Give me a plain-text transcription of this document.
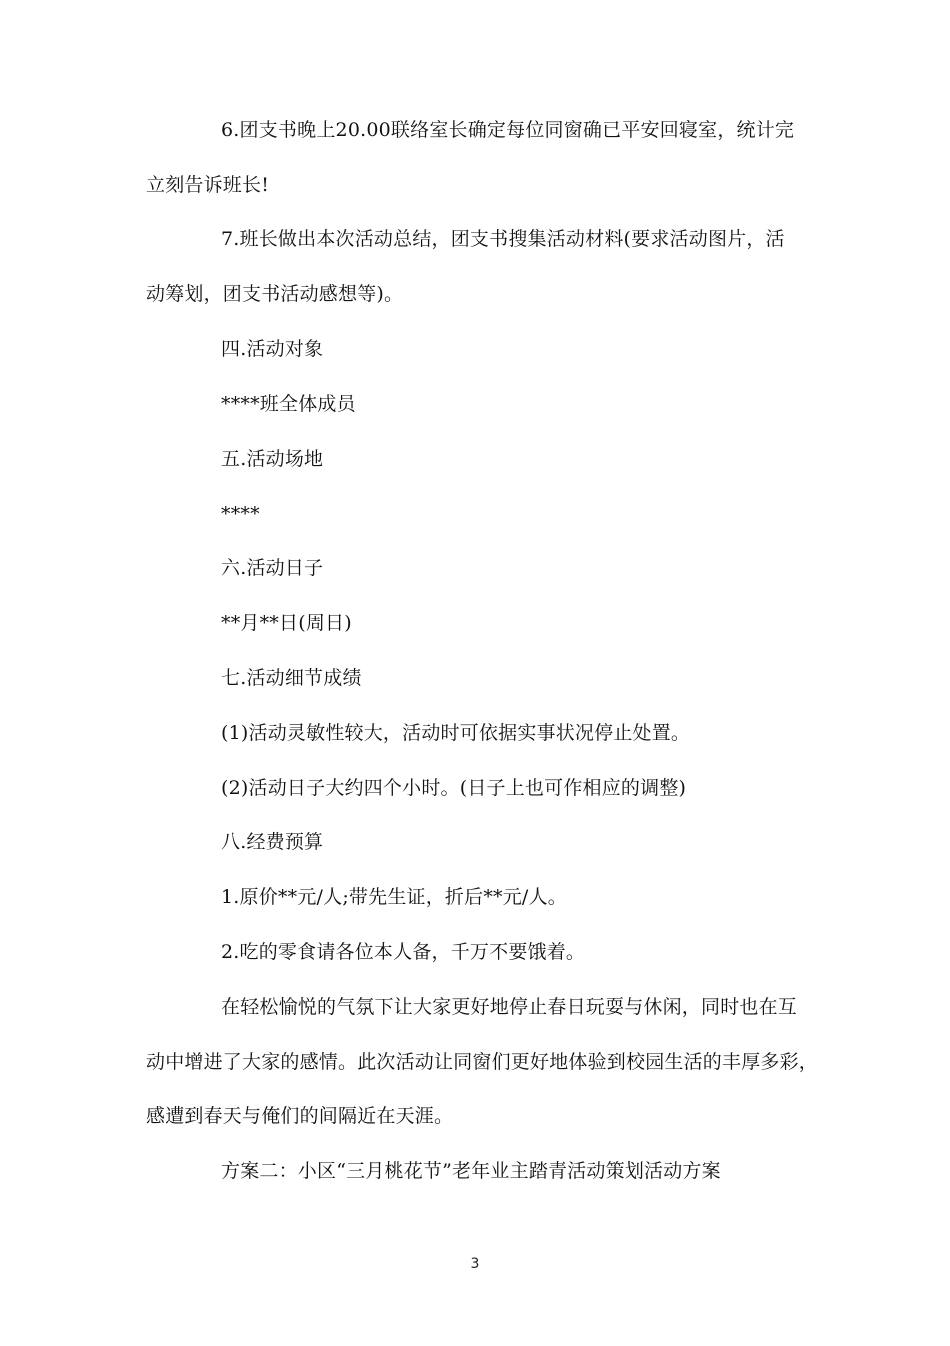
6.团支书晚上20.00联络室长确定每位同窗确已平安回寝室，统计完

立刻告诉班长!

7.班长做出本次活动总结，团支书搜集活动材料(要求活动图片，活

动筹划，团支书活动感想等)。

四.活动对象

****班全体成员

五.活动场地

****

六.活动日子

**月**日(周日)

七.活动细节成绩

(1)活动灵敏性较大，活动时可依据实事状况停止处置。

(2)活动日子大约四个小时。(日子上也可作相应的调整)

八.经费预算

1.原价**元/人;带先生证，折后**元/人。

2.吃的零食请各位本人备，千万不要饿着。

在轻松愉悦的气氛下让大家更好地停止春日玩耍与休闲，同时也在互

动中增进了大家的感情。此次活动让同窗们更好地体验到校园生活的丰厚多彩，

感遭到春天与俺们的间隔近在天涯。

方案二：小区“三月桃花节”老年业主踏青活动策划活动方案

3
